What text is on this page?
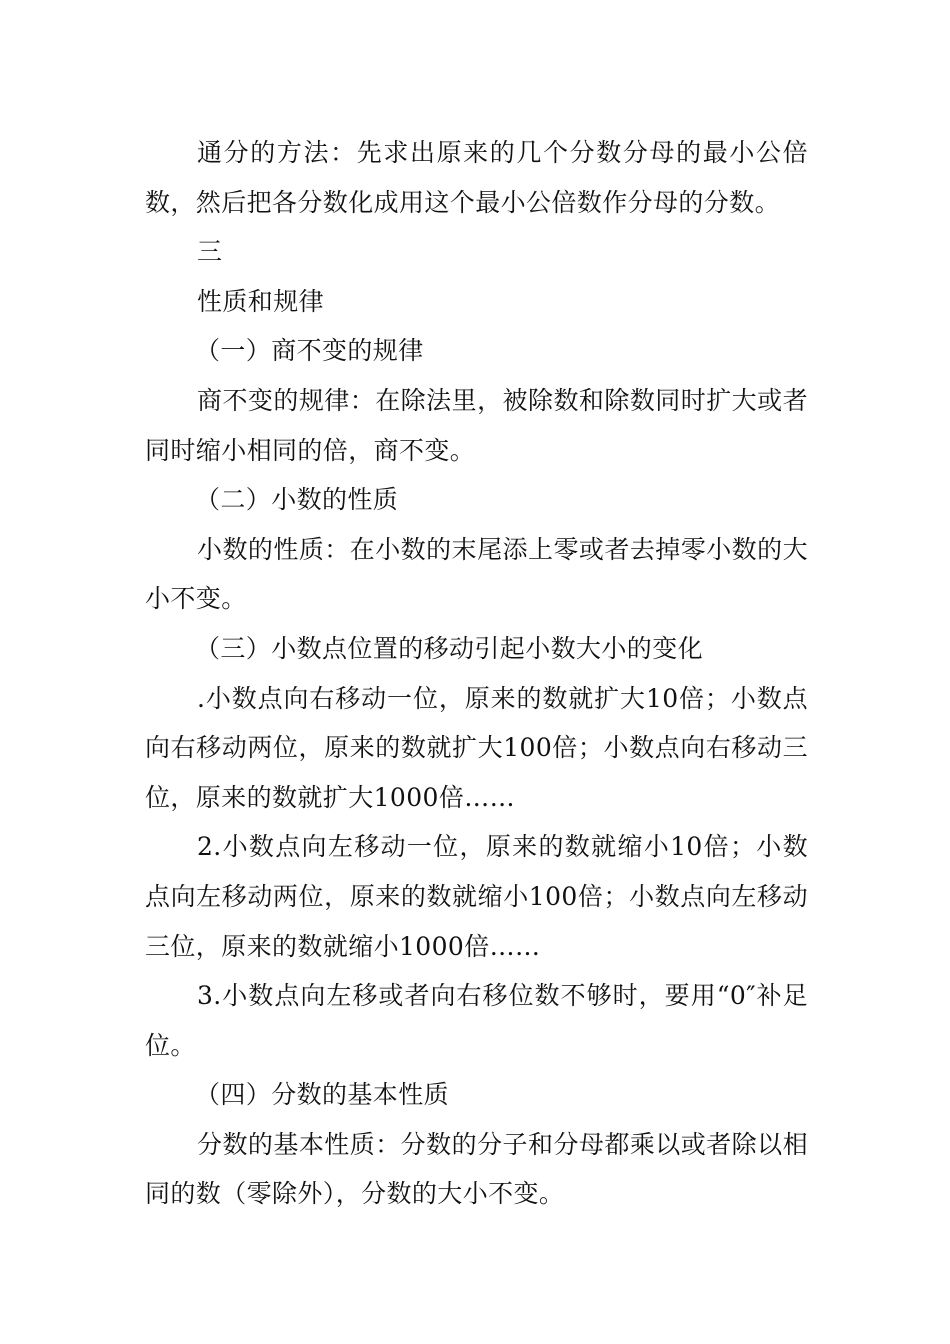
通分的方法：先求出原来的几个分数分母的最小公倍数，然后把各分数化成用这个最小公倍数作分母的分数。

三

性质和规律

（一）商不变的规律

商不变的规律：在除法里，被除数和除数同时扩大或者同时缩小相同的倍，商不变。

（二）小数的性质

小数的性质：在小数的末尾添上零或者去掉零小数的大小不变。

（三）小数点位置的移动引起小数大小的变化

.小数点向右移动一位，原来的数就扩大10倍；小数点向右移动两位，原来的数就扩大100倍；小数点向右移动三位，原来的数就扩大1000倍……

2.小数点向左移动一位，原来的数就缩小10倍；小数点向左移动两位，原来的数就缩小100倍；小数点向左移动三位，原来的数就缩小1000倍……

3.小数点向左移或者向右移位数不够时，要用“0″补足位。

（四）分数的基本性质

分数的基本性质：分数的分子和分母都乘以或者除以相同的数（零除外），分数的大小不变。
